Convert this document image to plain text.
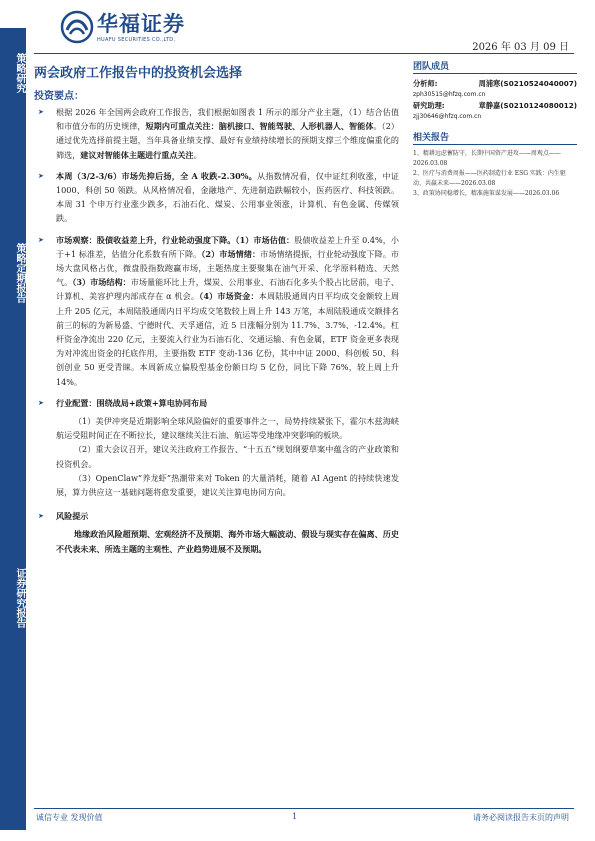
策略研究
策略定期报告
证券研究报告
华福证券
HUAFU SECURITIES CO.,LTD.
2026 年 03 月 09 日
两会政府工作报告中的投资机会选择
投资要点：

➤ 根据 2026 年全国两会政府工作报告，我们根据如图表 1 所示的部分产业主题，（1）结合估值和市值分布的历史规律，短期内可重点关注：脑机接口、智能驾驶、人形机器人、智能体。（2）通过优先选择前提主题，当年具备业绩支撑、最好有业绩持续增长的预期支撑三个维度偏重化的筛选，建议对智能体主题进行重点关注。

➤ 本周（3/2-3/6）市场先抑后扬，全 A 收跌-2.30%。从指数情况看，仅中证红利收涨，中证 1000、科创 50 领跌。从风格情况看，金融地产、先进制造跌幅较小，医药医疗、科技领跌。本周 31 个申万行业涨少跌多，石油石化、煤炭、公用事业领涨，计算机、有色金属、传媒领跌。

➤ 市场观察：股债收益差上升，行业轮动强度下降。（1）市场估值：股债收益差上升至 0.4%，小于+1 标准差，估值分化系数有所下降。（2）市场情绪：市场情绪提振，行业轮动强度下降。市场大盘风格占优，微盘股指数跑赢市场，主题热度主要聚集在油气开采、化学原料精选、天然气。（3）市场结构：市场量能环比上升，煤炭、公用事业、石油石化多头个股占比居前，电子、计算机、美容护理内部成存在 α 机会。（4）市场资金：本周陆股通周内日平均成交金额较上周上升 205 亿元，本周陆股通周内日平均成交笔数较上周上升 143 万笔，本周陆股通成交额排名前三的标的为新易盛、宁德时代、天孚通信，近 5 日涨幅分别为 11.7%、3.7%、-12.4%。杠杆资金净流出 220 亿元，主要流入行业为石油石化、交通运输、有色金属，ETF 资金更多表现为对冲流出资金的托底作用，主要指数 ETF 变动-136 亿份，其中中证 2000、科创板 50、科创创业 50 更受青睐。本周新成立偏股型基金份额日均 5 亿份，同比下降 76%，较上周上升 14%。

➤ 行业配置：围绕战局+政策+算电协同布局

（1）美伊冲突是近期影响全球风险偏好的重要事件之一，局势持续紧张下，霍尔木兹海峡航运受阻时间正在不断拉长，建议继续关注石油、航运等受地缘冲突影响的板块。

（2）重大会议召开，建议关注政府工作报告、“十五五”规划纲要草案中蕴含的产业政策和投资机会。

（3）OpenClaw“养龙虾”热潮带来对 Token 的大量消耗，随着 AI Agent 的持续快速发展，算力供应这一基础问题将愈发重要，建议关注算电协同方向。

➤ 风险提示

地缘政治风险超预期、宏观经济不及预期、海外市场大幅波动、假设与现实存在偏离、历史不代表未来、所选主题的主观性、产业趋势进展不及预期。

团队成员
分析师:	周浦寒(S0210524040007)
zph30515@hfzq.com.cn
研究助理:	章静嘉(S0210124080012)
zjj30646@hfzq.com.cn
相关报告
1、精耕远虑蓄防守，长期中国资产进攻——周观点——2026.03.08
2、医疗与消费周报——医药制造行业 ESG 实践：内生驱动、共赢未来——2026.03.08
3、政策协同稳增长，精准施策谋发展——2026.03.06
诚信专业 发现价值	1	请务必阅读报告末页的声明
